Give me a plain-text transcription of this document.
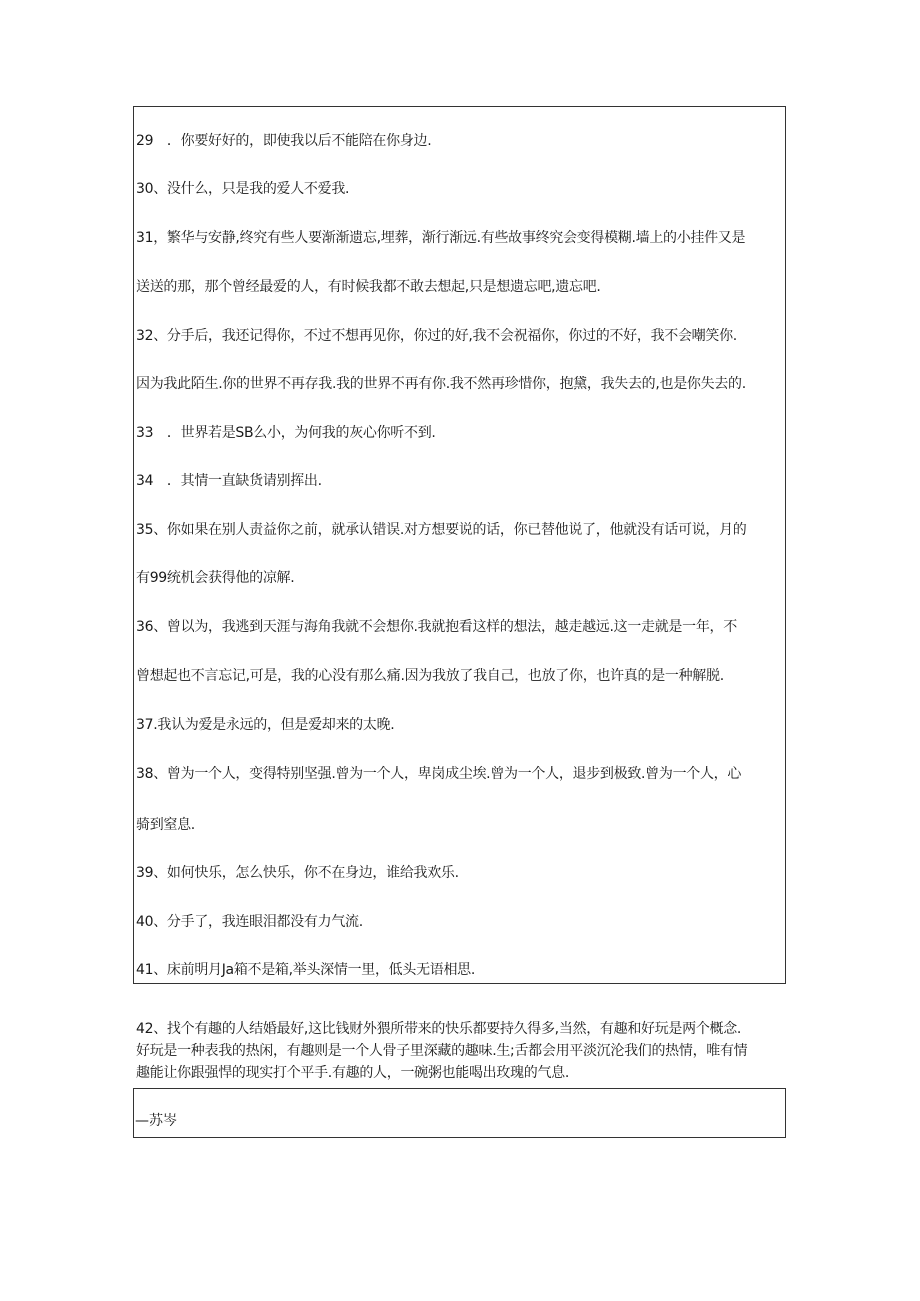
29　．你要好好的，即使我以后不能陪在你身边.
30、没什么，只是我的爱人不爱我.
31，繁华与安静,终究有些人要渐渐遗忘,埋葬，渐行渐远.有些故事终究会变得模糊.墙上的小挂件又是
送送的那，那个曾经最爱的人，有时候我都不敢去想起,只是想遗忘吧,遗忘吧.
32、分手后，我还记得你，不过不想再见你，你过的好,我不会祝福你，你过的不好，我不会嘲笑你.
因为我此陌生.你的世界不再存我.我的世界不再有你.我不然再珍惜你，抱黛，我失去的,也是你失去的.
33　．世界若是SB么小，为何我的灰心你听不到.
34　．其情一直缺货请别挥出.
35、你如果在别人责益你之前，就承认错误.对方想要说的话，你已替他说了，他就没有话可说，月的
有99统机会获得他的凉解.
36、曾以为，我逃到天涯与海角我就不会想你.我就抱看这样的想法，越走越远.这一走就是一年，不
曾想起也不言忘记,可是，我的心没有那么痛.因为我放了我自己，也放了你，也许真的是一种解脱.
37.我认为爱是永远的，但是爱却来的太晚.
38、曾为一个人，变得特别坚强.曾为一个人，卑岗成尘埃.曾为一个人，退步到极致.曾为一个人，心
骑到窒息.
39、如何快乐，怎么快乐，你不在身边，谁给我欢乐.
40、分手了，我连眼泪都没有力气流.
41、床前明月Ja箱不是箱,举头深情一里，低头无语相思.
42、找个有趣的人结婚最好,这比钱财外猥所带来的快乐都要持久得多,当然，有趣和好玩是两个概念.
好玩是一种表我的热闲，有趣则是一个人骨子里深藏的趣味.生;舌都会用平淡沉沦我们的热情，唯有情
趣能让你跟强悍的现实打个平手.有趣的人，一碗粥也能喝出玫瑰的气息.
—苏岑
